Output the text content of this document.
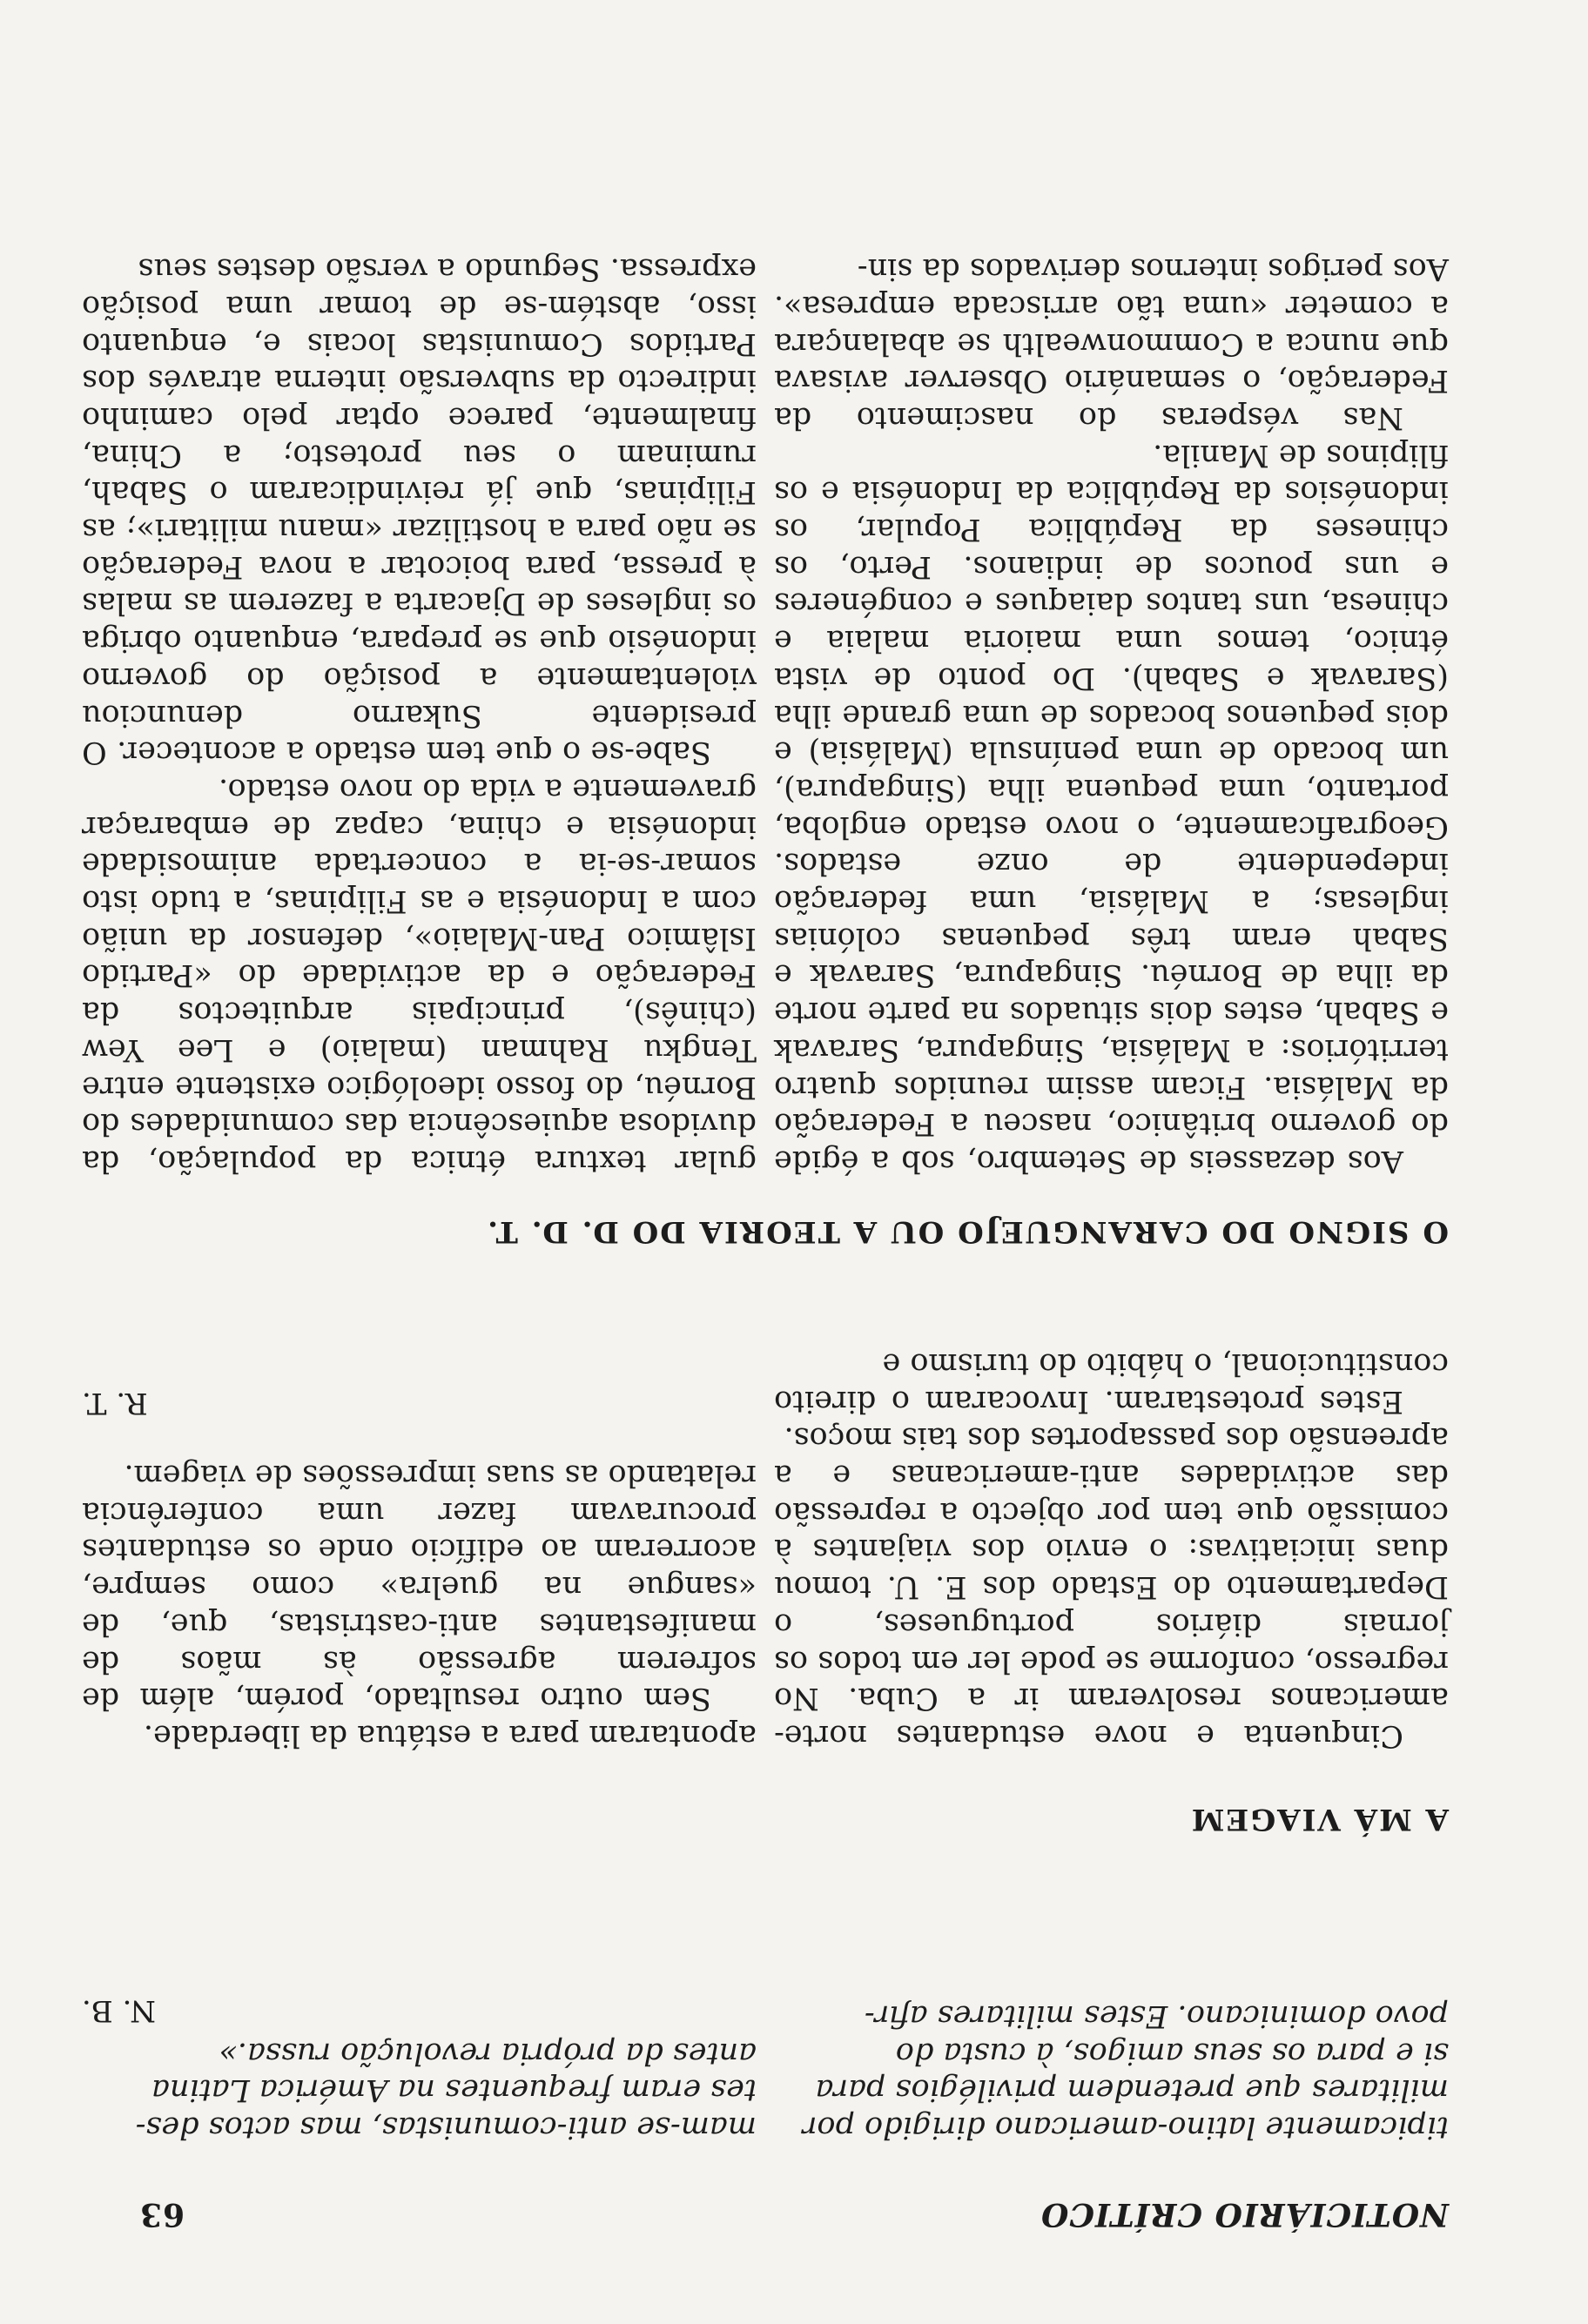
NOTICIÁRIO CRÍTICO
63

tipicamente latino-americano dirigido por

militares que pretendem privilégios para

si e para os seus amigos, à custa do

povo dominicano. Estes militares afir-

mam-se anti-comunistas, mas actos des-

tes eram frequentes na América Latina

antes da própria revolução russa.»

N. B.

A MÁ VIAGEM

Cinquenta e nove estudantes norte-americanos resolveram ir a Cuba. No regresso, conforme se pode ler em todos os jornais diários portugueses, o Departamento do Estado dos E. U. tomou duas iniciativas: o envio dos viajantes à comissão que tem por objecto a repressão das actividades anti-americanas e a apreensão dos passaportes dos tais moços.

Estes protestaram. Invocaram o direito constitucional, o hábito do turismo e

apontaram para a estátua da liberdade.

Sem outro resultado, porém, além de sofrerem agressão às mãos de manifestantes anti-castristas, que, de «sangue na guelra» como sempre, acorreram ao edifício onde os estudantes procuravam fazer uma conferência relatando as suas impressões de viagem.

R. T.

O SIGNO DO CARANGUEJO OU A TEORIA DO D. D. T.

Aos dezasseis de Setembro, sob a égide do governo britânico, nasceu a Federação da Malásia. Ficam assim reunidos quatro territórios: a Malásia, Singapura, Saravak e Sabah, estes dois situados na parte norte da ilha de Bornéu. Singapura, Saravak e Sabah eram três pequenas colónias inglesas; a Malásia, uma federação independente de onze estados. Geograficamente, o novo estado engloba, portanto, uma pequena ilha (Singapura), um bocado de uma península (Malásia) e dois pequenos bocados de uma grande ilha (Saravak e Sabah). Do ponto de vista étnico, temos uma maioria malaia e chinesa, uns tantos daiaques e congéneres e uns poucos de indianos. Perto, os chineses da República Popular, os indonésios da República da Indonésia e os filipinos de Manila.

Nas vésperas do nascimento da Federação, o semanário Observer avisava que nunca a Commonwealth se abalançara a cometer «uma tão arriscada empresa». Aos perigos internos derivados da sin-

gular textura étnica da população, da duvidosa aquiescência das comunidades do Bornéu, do fosso ideológico existente entre Tengku Rahman (malaio) e Lee Yew (chinês), principais arquitectos da Federação e da actividade do «Partido Islâmico Pan-Malaio», defensor da união com a Indonésia e as Filipinas, a tudo isto somar-se-ia a concertada animosidade indonésia e china, capaz de embaraçar gravemente a vida do novo estado.

Sabe-se o que tem estado a acontecer. O presidente Sukarno denunciou violentamente a posição do governo indonésio que se prepara, enquanto obriga os ingleses de Djacarta a fazerem as malas à pressa, para boicotar a nova Federação se não para a hostilizar «manu militari»; as Filipinas, que já reivindicaram o Sabah, ruminam o seu protesto; a China, finalmente, parece optar pelo caminho indirecto da subversão interna através dos Partidos Comunistas locais e, enquanto isso, abstém-se de tomar uma posição expressa. Segundo a versão destes seus
